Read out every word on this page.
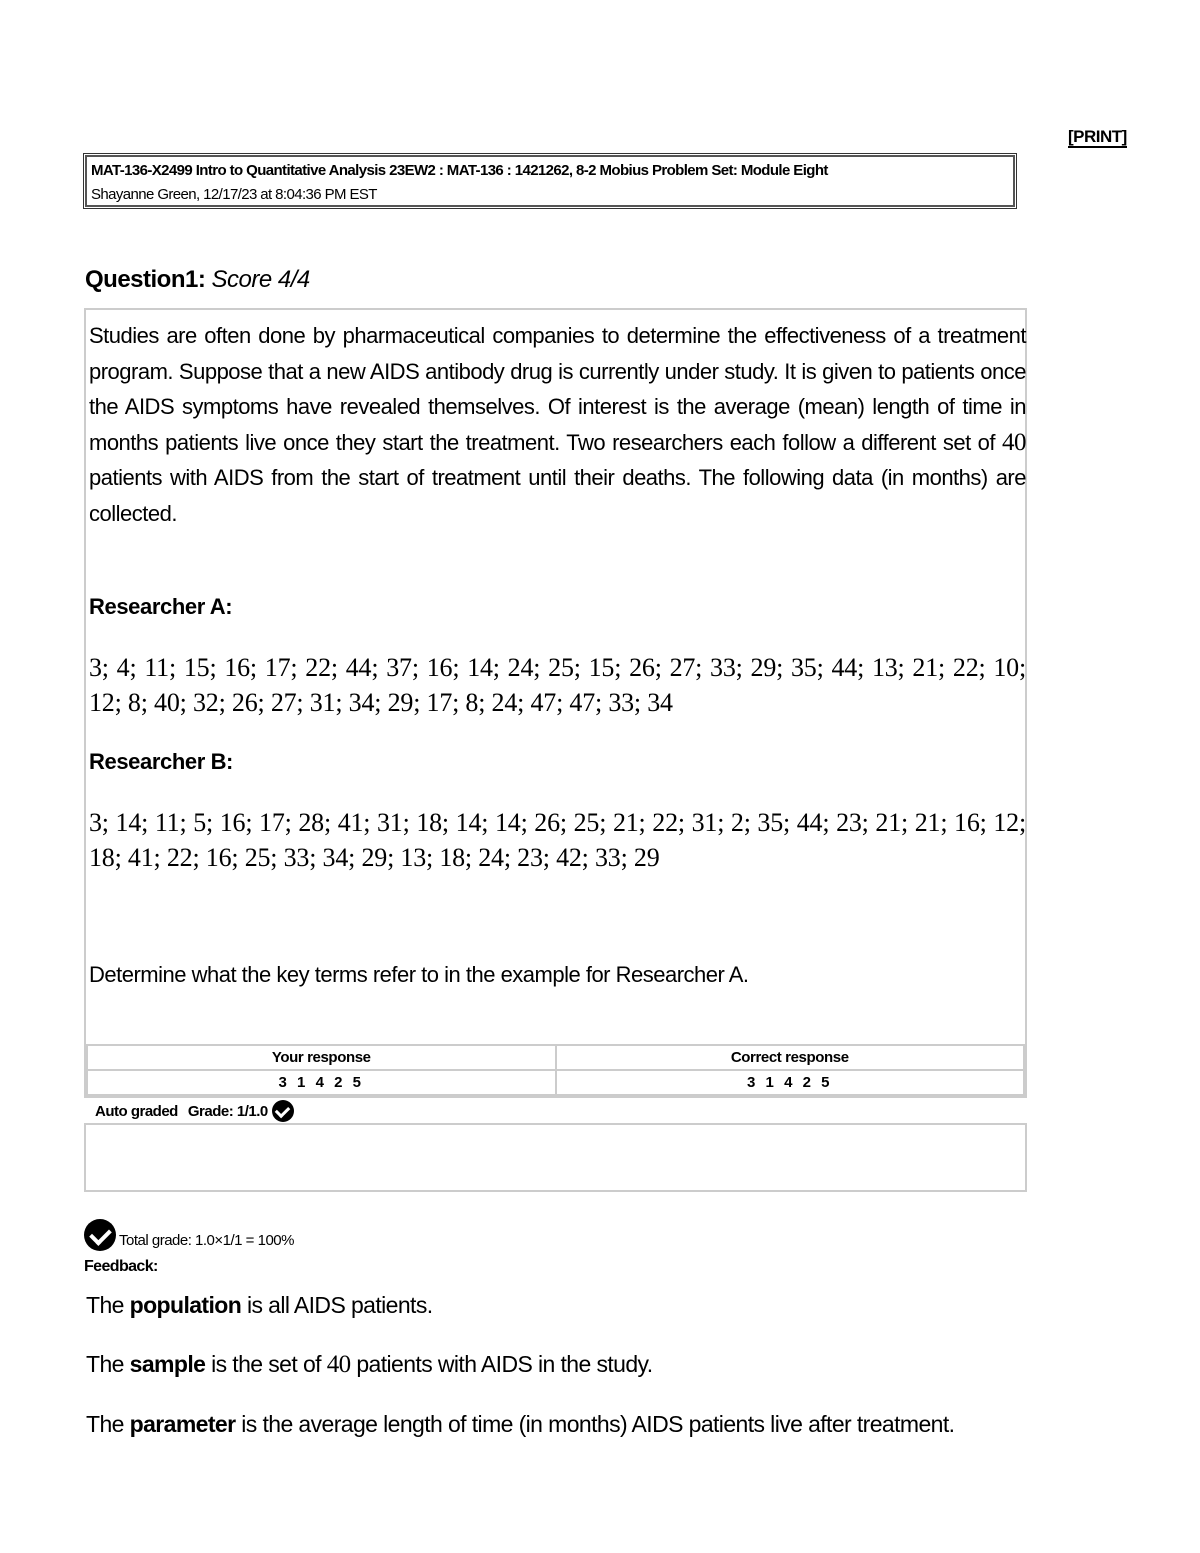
[PRINT]
MAT-136-X2499 Intro to Quantitative Analysis 23EW2 : MAT-136 : 1421262, 8-2 Mobius Problem Set: Module Eight
Shayanne Green, 12/17/23 at 8:04:36 PM EST
Question1: Score 4/4
Studies are often done by pharmaceutical companies to determine the effectiveness of a treatment program. Suppose that a new AIDS antibody drug is currently under study. It is given to patients once the AIDS symptoms have revealed themselves. Of interest is the average (mean) length of time in months patients live once they start the treatment. Two researchers each follow a different set of 40 patients with AIDS from the start of treatment until their deaths. The following data (in months) are collected.
Researcher A:
3; 4; 11; 15; 16; 17; 22; 44; 37; 16; 14; 24; 25; 15; 26; 27; 33; 29; 35; 44; 13; 21; 22; 10; 12; 8; 40; 32; 26; 27; 31; 34; 29; 17; 8; 24; 47; 47; 33; 34
Researcher B:
3; 14; 11; 5; 16; 17; 28; 41; 31; 18; 14; 14; 26; 25; 21; 22; 31; 2; 35; 44; 23; 21; 21; 16; 12; 18; 41; 22; 16; 25; 33; 34; 29; 13; 18; 24; 23; 42; 33; 29
Determine what the key terms refer to in the example for Researcher A.
Your response	Correct response
3 1 4 2 5	3 1 4 2 5
Auto graded Grade: 1/1.0
Total grade: 1.0×1/1 = 100%
Feedback:
The population is all AIDS patients.
The sample is the set of 40 patients with AIDS in the study.
The parameter is the average length of time (in months) AIDS patients live after treatment.
